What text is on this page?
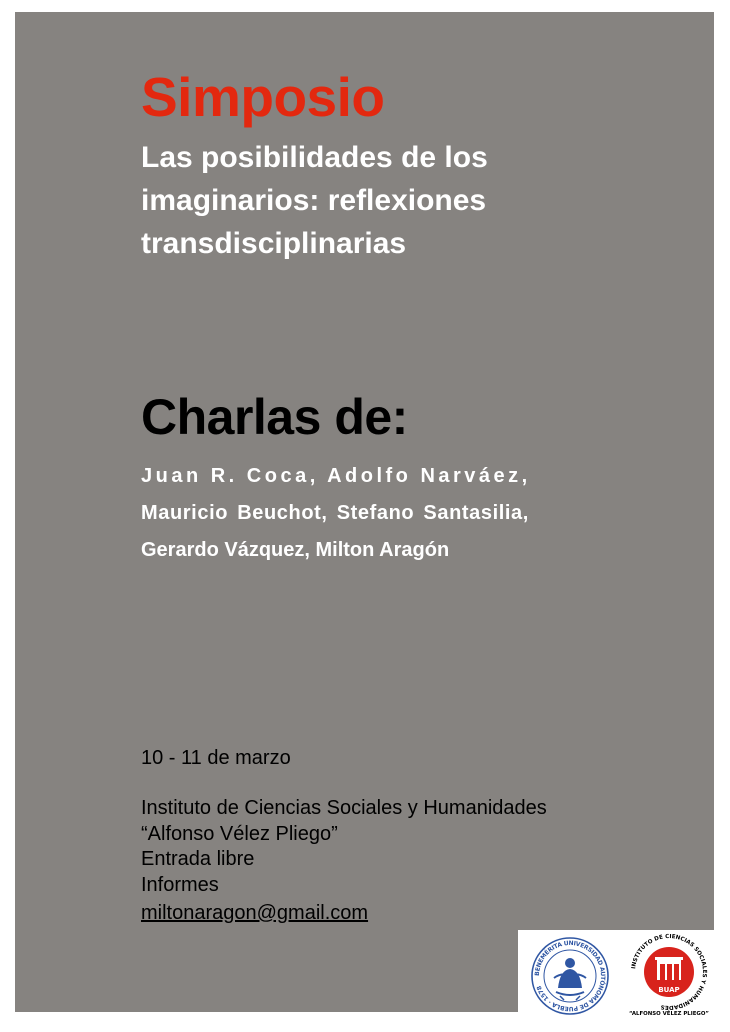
Simposio
Las posibilidades de los imaginarios: reflexiones transdisciplinarias
Charlas de:

Juan R. Coca, Adolfo Narváez,
Mauricio Beuchot, Stefano Santasilia,
Gerardo Vázquez, Milton Aragón

10 - 11 de marzo

Instituto de Ciencias Sociales y Humanidades
“Alfonso Vélez Pliego”
Entrada libre
Informes
miltonaragon@gmail.com

BENEMÉRITA UNIVERSIDAD AUTÓNOMA DE PUEBLA · 1578
INSTITUTO DE CIENCIAS SOCIALES Y HUMANIDADES
BUAP
“ALFONSO VÉLEZ PLIEGO”
